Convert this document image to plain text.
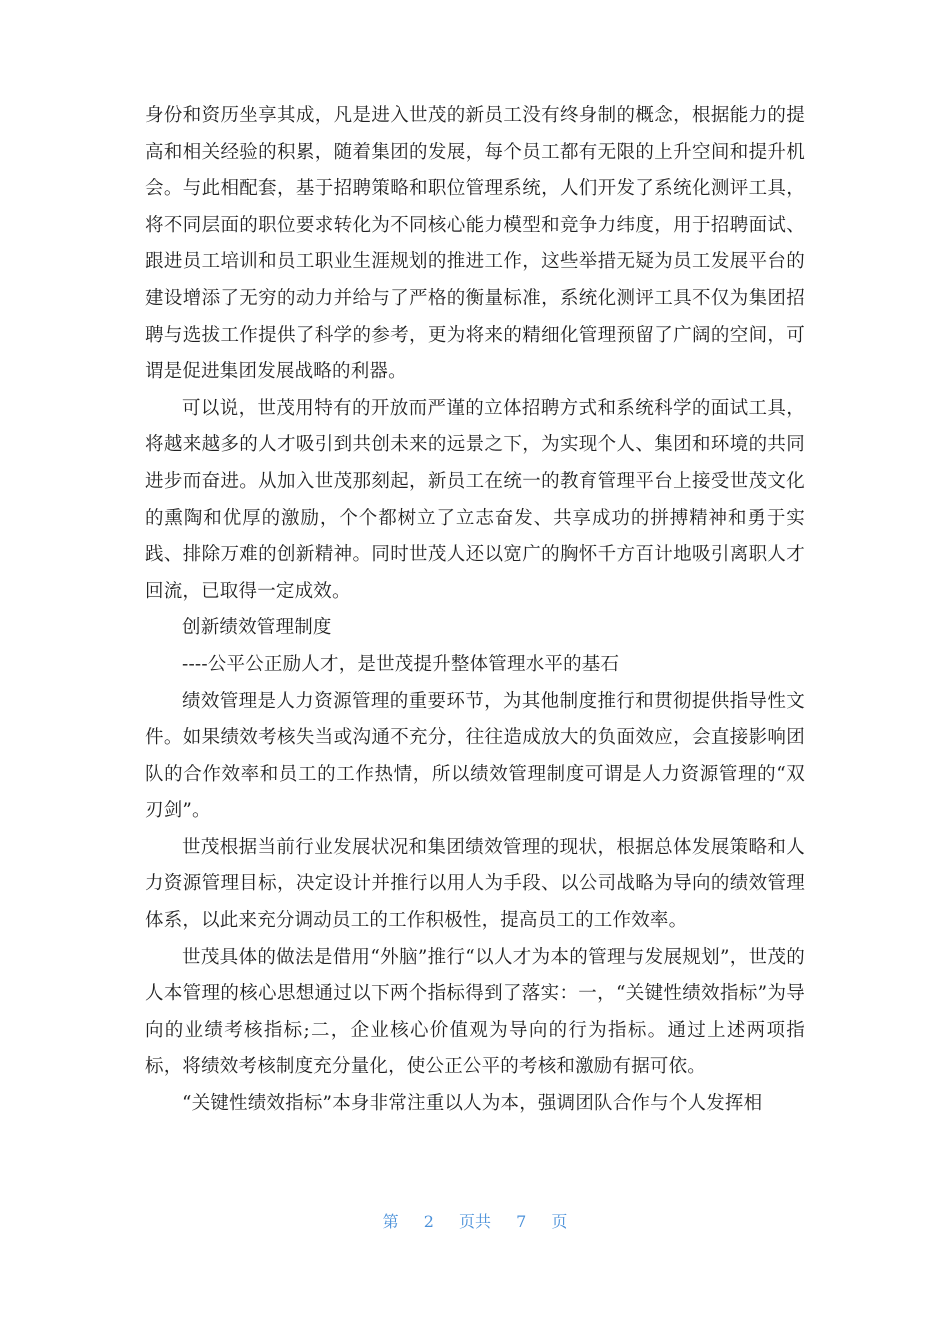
身份和资历坐享其成，凡是进入世茂的新员工没有终身制的概念，根据能力的提高和相关经验的积累，随着集团的发展，每个员工都有无限的上升空间和提升机会。与此相配套，基于招聘策略和职位管理系统，人们开发了系统化测评工具，将不同层面的职位要求转化为不同核心能力模型和竞争力纬度，用于招聘面试、跟进员工培训和员工职业生涯规划的推进工作，这些举措无疑为员工发展平台的建设增添了无穷的动力并给与了严格的衡量标准，系统化测评工具不仅为集团招聘与选拔工作提供了科学的参考，更为将来的精细化管理预留了广阔的空间，可谓是促进集团发展战略的利器。

可以说，世茂用特有的开放而严谨的立体招聘方式和系统科学的面试工具，将越来越多的人才吸引到共创未来的远景之下，为实现个人、集团和环境的共同进步而奋进。从加入世茂那刻起，新员工在统一的教育管理平台上接受世茂文化的熏陶和优厚的激励，个个都树立了立志奋发、共享成功的拼搏精神和勇于实践、排除万难的创新精神。同时世茂人还以宽广的胸怀千方百计地吸引离职人才回流，已取得一定成效。

创新绩效管理制度

----公平公正励人才，是世茂提升整体管理水平的基石

绩效管理是人力资源管理的重要环节，为其他制度推行和贯彻提供指导性文件。如果绩效考核失当或沟通不充分，往往造成放大的负面效应，会直接影响团队的合作效率和员工的工作热情，所以绩效管理制度可谓是人力资源管理的“双刃剑”。

世茂根据当前行业发展状况和集团绩效管理的现状，根据总体发展策略和人力资源管理目标，决定设计并推行以用人为手段、以公司战略为导向的绩效管理体系，以此来充分调动员工的工作积极性，提高员工的工作效率。

世茂具体的做法是借用“外脑”推行“以人才为本的管理与发展规划”，世茂的人本管理的核心思想通过以下两个指标得到了落实：一，“关键性绩效指标”为导向的业绩考核指标;二，企业核心价值观为导向的行为指标。通过上述两项指标，将绩效考核制度充分量化，使公正公平的考核和激励有据可依。

“关键性绩效指标”本身非常注重以人为本，强调团队合作与个人发挥相

第 2 页共 7 页
